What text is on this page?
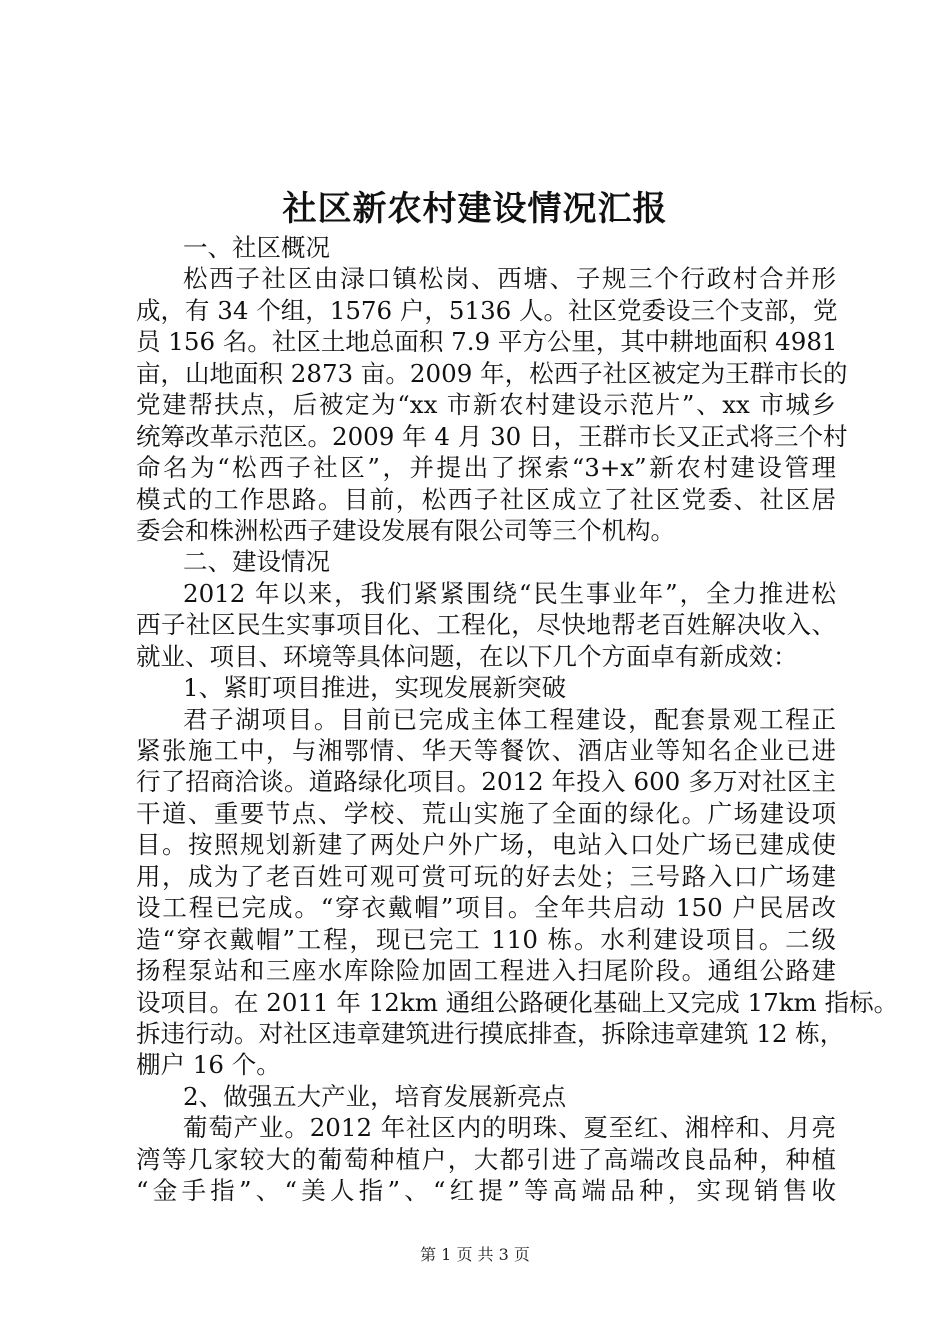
社区新农村建设情况汇报
一、社区概况
松西子社区由渌口镇松岗、西塘、子规三个行政村合并形
成，有 34 个组，1576 户，5136 人。社区党委设三个支部，党
员 156 名。社区土地总面积 7.9 平方公里，其中耕地面积 4981
亩，山地面积 2873 亩。2009 年，松西子社区被定为王群市长的
党建帮扶点，后被定为“xx 市新农村建设示范片”、xx 市城乡
统筹改革示范区。2009 年 4 月 30 日，王群市长又正式将三个村
命名为“松西子社区”，并提出了探索“3+x”新农村建设管理
模式的工作思路。目前，松西子社区成立了社区党委、社区居
委会和株洲松西子建设发展有限公司等三个机构。
二、建设情况
2012 年以来，我们紧紧围绕“民生事业年”，全力推进松
西子社区民生实事项目化、工程化，尽快地帮老百姓解决收入、
就业、项目、环境等具体问题，在以下几个方面卓有新成效：
1、紧盯项目推进，实现发展新突破
君子湖项目。目前已完成主体工程建设，配套景观工程正
紧张施工中，与湘鄂情、华天等餐饮、酒店业等知名企业已进
行了招商洽谈。道路绿化项目。2012 年投入 600 多万对社区主
干道、重要节点、学校、荒山实施了全面的绿化。广场建设项
目。按照规划新建了两处户外广场，电站入口处广场已建成使
用，成为了老百姓可观可赏可玩的好去处；三号路入口广场建
设工程已完成。“穿衣戴帽”项目。全年共启动 150 户民居改
造“穿衣戴帽”工程，现已完工 110 栋。水利建设项目。二级
扬程泵站和三座水库除险加固工程进入扫尾阶段。通组公路建
设项目。在 2011 年 12km 通组公路硬化基础上又完成 17km 指标。
拆违行动。对社区违章建筑进行摸底排查，拆除违章建筑 12 栋，
棚户 16 个。
2、做强五大产业，培育发展新亮点
葡萄产业。2012 年社区内的明珠、夏至红、湘梓和、月亮
湾等几家较大的葡萄种植户，大都引进了高端改良品种，种植
“金手指”、“美人指”、“红提”等高端品种，实现销售收
第 1 页 共 3 页
